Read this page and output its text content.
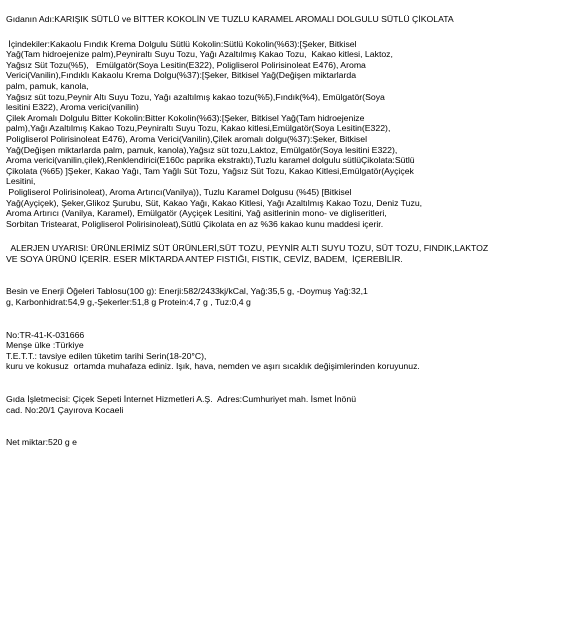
Gıdanın Adı:KARIŞIK SÜTLÜ ve BİTTER KOKOLİN VE TUZLU KARAMEL AROMALI DOLGULU SÜTLÜ ÇİKOLATA
İçindekiler:Kakaolu Fındık Krema Dolgulu Sütlü Kokolin:Sütlü Kokolin(%63):[Şeker, Bitkisel
Yağ(Tam hidroejenize palm),Peyniraltı Suyu Tozu, Yağı Azaltılmış Kakao Tozu,  Kakao kitlesi, Laktoz,
Yağsız Süt Tozu(%5),   Emülgatör(Soya Lesitin(E322), Poligliserol Polirisinoleat E476), Aroma
Verici(Vanilin),Fındıklı Kakaolu Krema Dolgu(%37):[Şeker, Bitkisel Yağ(Değişen miktarlarda
palm, pamuk, kanola,
Yağsız süt tozu,Peynir Altı Suyu Tozu, Yağı azaltılmış kakao tozu(%5),Fındık(%4), Emülgatör(Soya
lesitini E322), Aroma verici(vanilin)
Çilek Aromalı Dolgulu Bitter Kokolin:Bitter Kokolin(%63):[Şeker, Bitkisel Yağ(Tam hidroejenize
palm),Yağı Azaltılmış Kakao Tozu,Peyniraltı Suyu Tozu, Kakao kitlesi,Emülgatör(Soya Lesitin(E322),
Poligliserol Polirisinoleat E476), Aroma Verici(Vanilin),Çilek aromalı dolgu(%37):Şeker, Bitkisel
Yağ(Değişen miktarlarda palm, pamuk, kanola),Yağsız süt tozu,Laktoz, Emülgatör(Soya lesitini E322),
Aroma verici(vanilin,çilek),Renklendirici(E160c paprika ekstraktı),Tuzlu karamel dolgulu sütlüÇikolata:Sütlü
Çikolata (%65) ]Şeker, Kakao Yağı, Tam Yağlı Süt Tozu, Yağsız Süt Tozu, Kakao Kitlesi,Emülgatör(Ayçiçek
Lesitini,
Poligliserol Polirisinoleat), Aroma Artırıcı(Vanilya)), Tuzlu Karamel Dolgusu (%45) [Bitkisel
Yağ(Ayçiçek), Şeker,Glikoz Şurubu, Süt, Kakao Yağı, Kakao Kitlesi, Yağı Azaltılmış Kakao Tozu, Deniz Tuzu,
Aroma Artırıcı (Vanilya, Karamel), Emülgatör (Ayçiçek Lesitini, Yağ asitlerinin mono- ve digliseritleri,
Sorbitan Tristearat, Poligliserol Polirisinoleat),Sütlü Çikolata en az %36 kakao kunu maddesi içerir.
ALERJEN UYARISI: ÜRÜNLERİMİZ SÜT ÜRÜNLERİ,SÜT TOZU, PEYNİR ALTI SUYU TOZU, SÜT TOZU, FINDIK,LAKTOZ
VE SOYA ÜRÜNÜ İÇERİR. ESER MİKTARDA ANTEP FISTIĞI, FISTIK, CEVİZ, BADEM,  İÇEREBİLİR.
Besin ve Enerji Öğeleri Tablosu(100 g): Enerji:582/2433kj/kCal, Yağ:35,5 g, -Doymuş Yağ:32,1
g, Karbonhidrat:54,9 g,-Şekerler:51,8 g Protein:4,7 g , Tuz:0,4 g
No:TR-41-K-031666
Menşe ülke :Türkiye
T.E.T.T.: tavsiye edilen tüketim tarihi Serin(18-20°C),
kuru ve kokusuz  ortamda muhafaza ediniz. Işık, hava, nemden ve aşırı sıcaklık değişimlerinden koruyunuz.
Gıda İşletmecisi: Çiçek Sepeti İnternet Hizmetleri A.Ş.  Adres:Cumhuriyet mah. İsmet İnönü
cad. No:20/1 Çayırova Kocaeli
Net miktar:520 g e
